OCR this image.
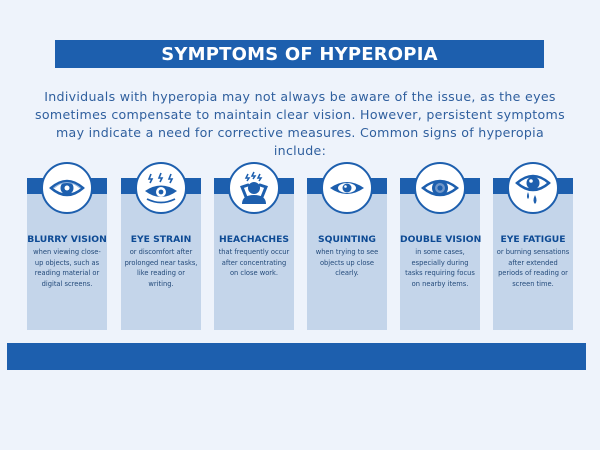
SYMPTOMS OF HYPEROPIA
Individuals with hyperopia may not always be aware of the issue, as the eyes sometimes compensate to maintain clear vision. However, persistent symptoms may indicate a need for corrective measures. Common signs of hyperopia include:
BLURRY VISION
when viewing close-up objects, such as reading material or digital screens.
EYE STRAIN
or discomfort after prolonged near tasks, like reading or writing.
HEACHACHES
that frequently occur after concentrating on close work.
SQUINTING
when trying to see objects up close clearly.
DOUBLE VISION
in some cases, especially during tasks requiring focus on nearby items.
EYE FATIGUE
or burning sensations after extended periods of reading or screen time.
